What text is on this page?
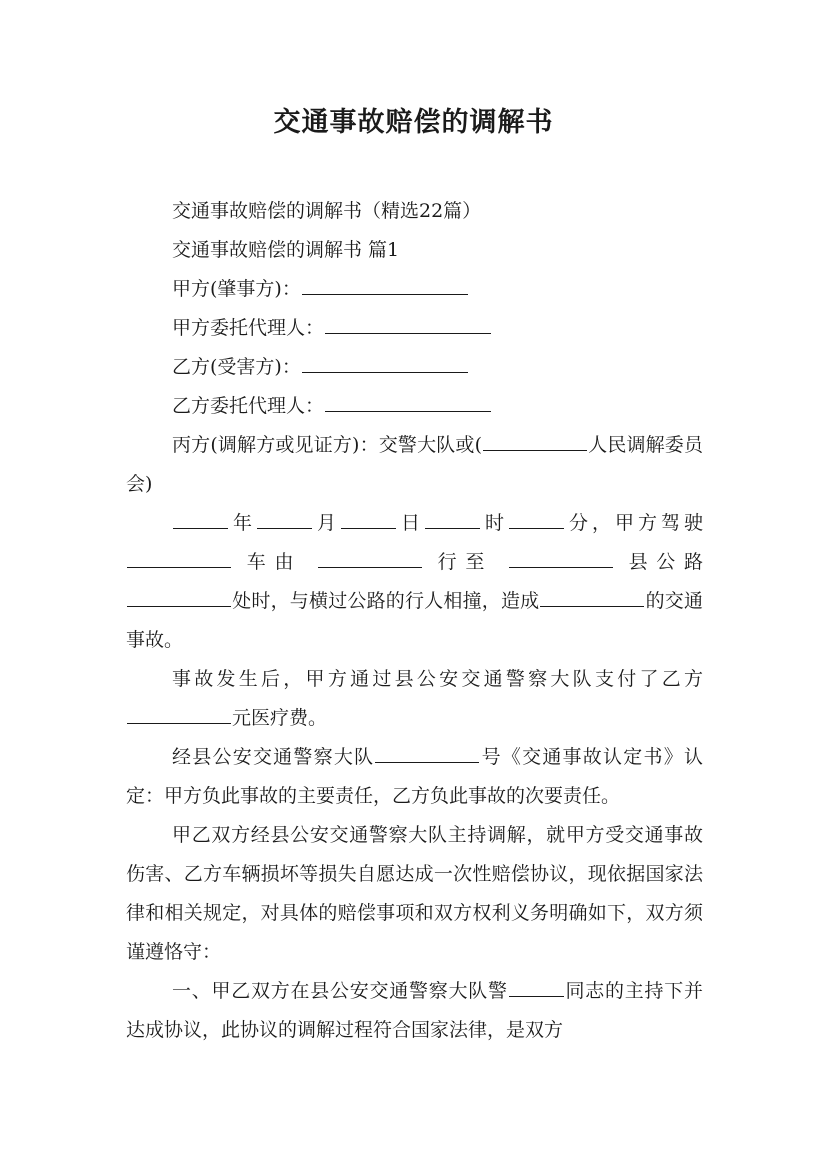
交通事故赔偿的调解书

交通事故赔偿的调解书（精选22篇）

交通事故赔偿的调解书 篇1

甲方(肇事方)：

甲方委托代理人：

乙方(受害方)：

乙方委托代理人：

丙方(调解方或见证方)：交警大队或(	人民调解委员会)

年	月	日	时	分，甲方驾驶 车由	行至	县公路处时，与横过公路的行人相撞，造成	的交通事故。

事故发生后，甲方通过县公安交通警察大队支付了乙方元医疗费。

经县公安交通警察大队	号《交通事故认定书》认定：甲方负此事故的主要责任，乙方负此事故的次要责任。

甲乙双方经县公安交通警察大队主持调解，就甲方受交通事故伤害、乙方车辆损坏等损失自愿达成一次性赔偿协议，现依据国家法律和相关规定，对具体的赔偿事项和双方权利义务明确如下，双方须谨遵恪守：

一、甲乙双方在县公安交通警察大队警	同志的主持下并达成协议，此协议的调解过程符合国家法律，是双方
